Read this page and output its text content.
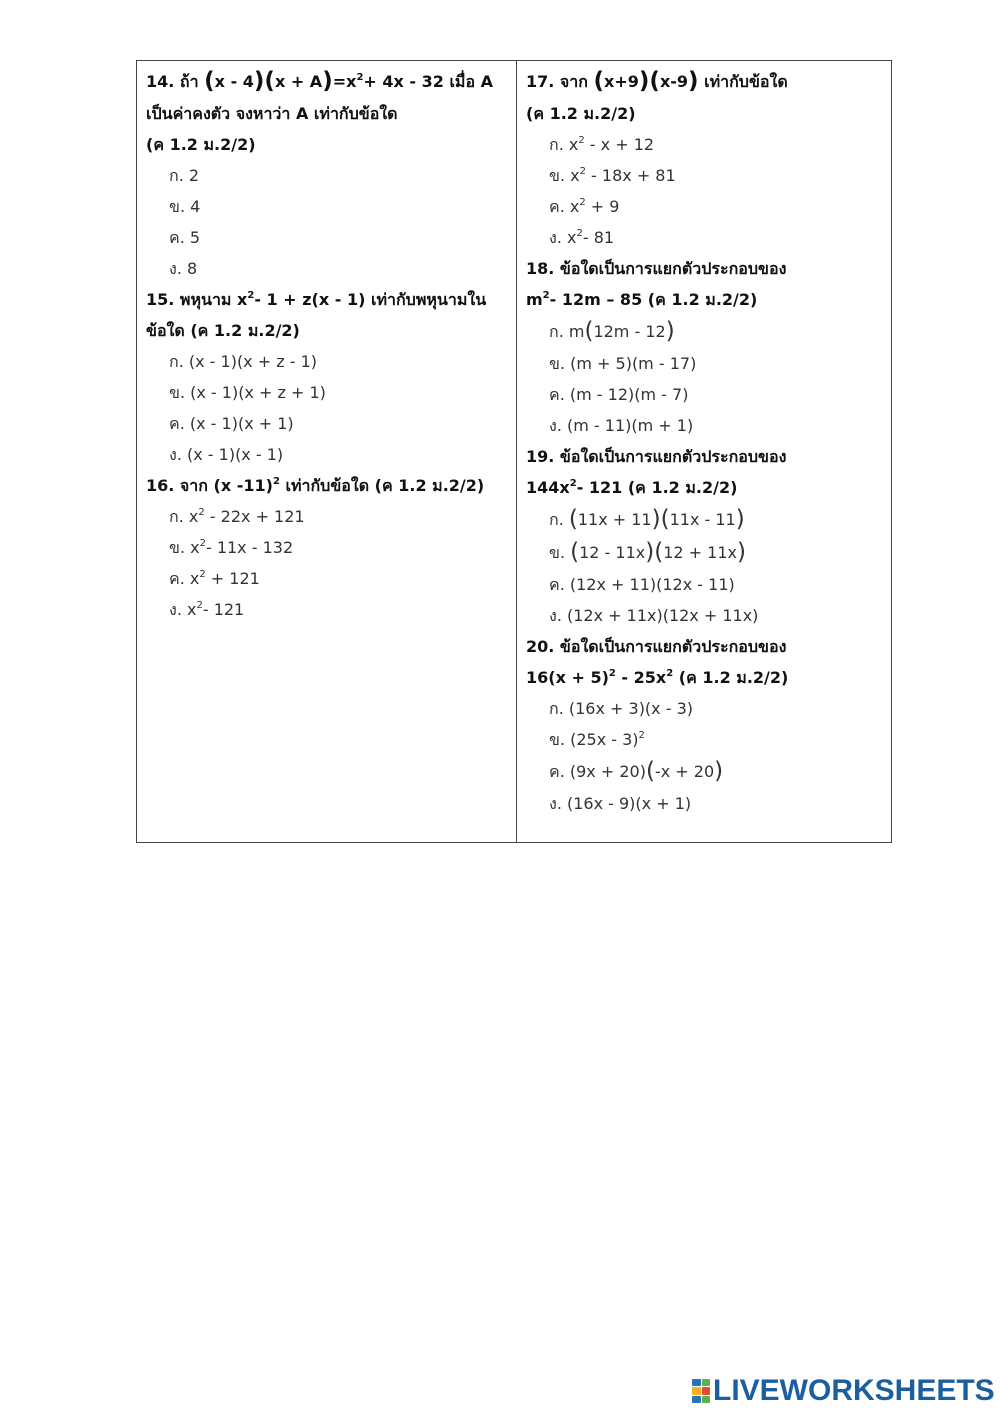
14. ถ้า $(x - 4)(x + A)=x^2+ 4x - 32$ เมื่อ A
เป็นค่าคงตัว จงหาว่า A เท่ากับข้อใด
(ค 1.2 ม.2/2)
ก. 2
ข. 4
ค. 5
ง. 8
15. พหุนาม $x^2-$ 1 + z(x - 1) เท่ากับพหุนามใน
ข้อใด (ค 1.2 ม.2/2)
ก. (x - 1)(x + z - 1)
ข. (x - 1)(x + z + 1)
ค. (x - 1)(x + 1)
ง. (x - 1)(x - 1)
16. จาก (x -11)$^2$ เท่ากับข้อใด (ค 1.2 ม.2/2)
ก. $x^2 - 22x + 121$
ข. $x^2-$ 11x - 132
ค. $x^2 + 121$
ง. $x^2-$ 121
17. จาก (x+9)(x-9) เท่ากับข้อใด
(ค 1.2 ม.2/2)
ก. $x^2 - x + 12$
ข. $x^2 - 18x + 81$
ค. $x^2 + 9$
ง. $x^2-$ 81
18. ข้อใดเป็นการแยกตัวประกอบของ
$m^2-$ 12m – 85 (ค 1.2 ม.2/2)
ก. m(12m - 12)
ข. (m + 5)(m - 17)
ค. (m - 12)(m - 7)
ง. (m - 11)(m + 1)
19. ข้อใดเป็นการแยกตัวประกอบของ
$144x^2-$ 121 (ค 1.2 ม.2/2)
ก. (11x + 11)(11x - 11)
ข. (12 - 11x)(12 + 11x)
ค. (12x + 11)(12x - 11)
ง. (12x + 11x)(12x + 11x)
20. ข้อใดเป็นการแยกตัวประกอบของ
$16(x + 5)^2 - 25x^2$ (ค 1.2 ม.2/2)
ก. (16x + 3)(x - 3)
ข. (25x - 3)$^2$
ค. (9x + 20)(-x + 20)
ง. (16x - 9)(x + 1)
LIVEWORKSHEETS
